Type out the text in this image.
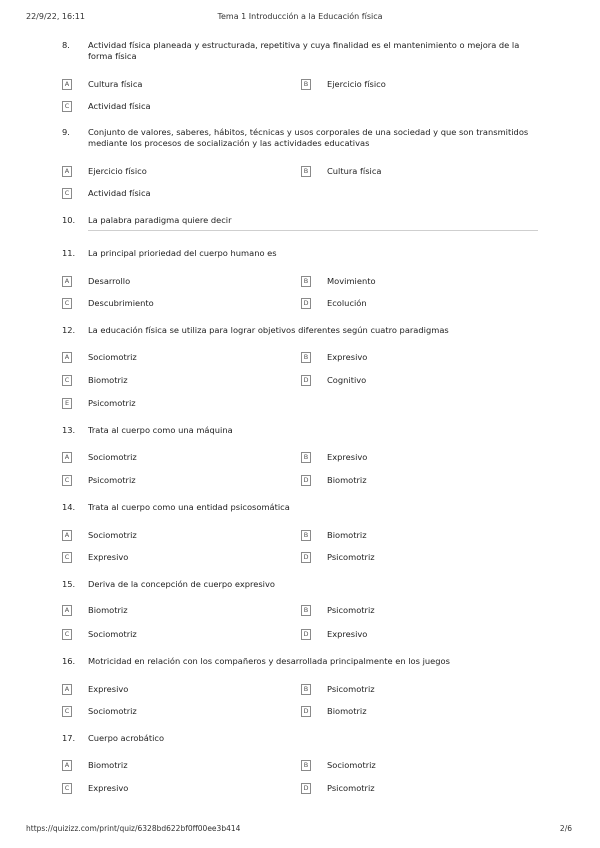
22/9/22, 16:11	Tema 1 Introducción a la Educación física
8. Actividad física planeada y estructurada, repetitiva y cuya finalidad es el mantenimiento o mejora de la forma física
A	Cultura física	B	Ejercicio físico
C	Actividad física
9. Conjunto de valores, saberes, hábitos, técnicas y usos corporales de una sociedad y que son transmitidos mediante los procesos de socialización y las actividades educativas
A	Ejercicio físico	B	Cultura física
C	Actividad física
10. La palabra paradigma quiere decir
11. La principal prioriedad del cuerpo humano es
A	Desarrollo	B	Movimiento
C	Descubrimiento	D	Ecolución
12. La educación física se utiliza para lograr objetivos diferentes según cuatro paradigmas
A	Sociomotriz	B	Expresivo
C	Biomotriz	D	Cognitivo
E	Psicomotriz
13. Trata al cuerpo como una máquina
A	Sociomotriz	B	Expresivo
C	Psicomotriz	D	Biomotriz
14. Trata al cuerpo como una entidad psicosomática
A	Sociomotriz	B	Biomotriz
C	Expresivo	D	Psicomotriz
15. Deriva de la concepción de cuerpo expresivo
A	Biomotriz	B	Psicomotriz
C	Sociomotriz	D	Expresivo
16. Motricidad en relación con los compañeros y desarrollada principalmente en los juegos
A	Expresivo	B	Psicomotriz
C	Sociomotriz	D	Biomotriz
17. Cuerpo acrobático
A	Biomotriz	B	Sociomotriz
C	Expresivo	D	Psicomotriz
https://quizizz.com/print/quiz/6328bd622bf0ff00ee3b414	2/6
